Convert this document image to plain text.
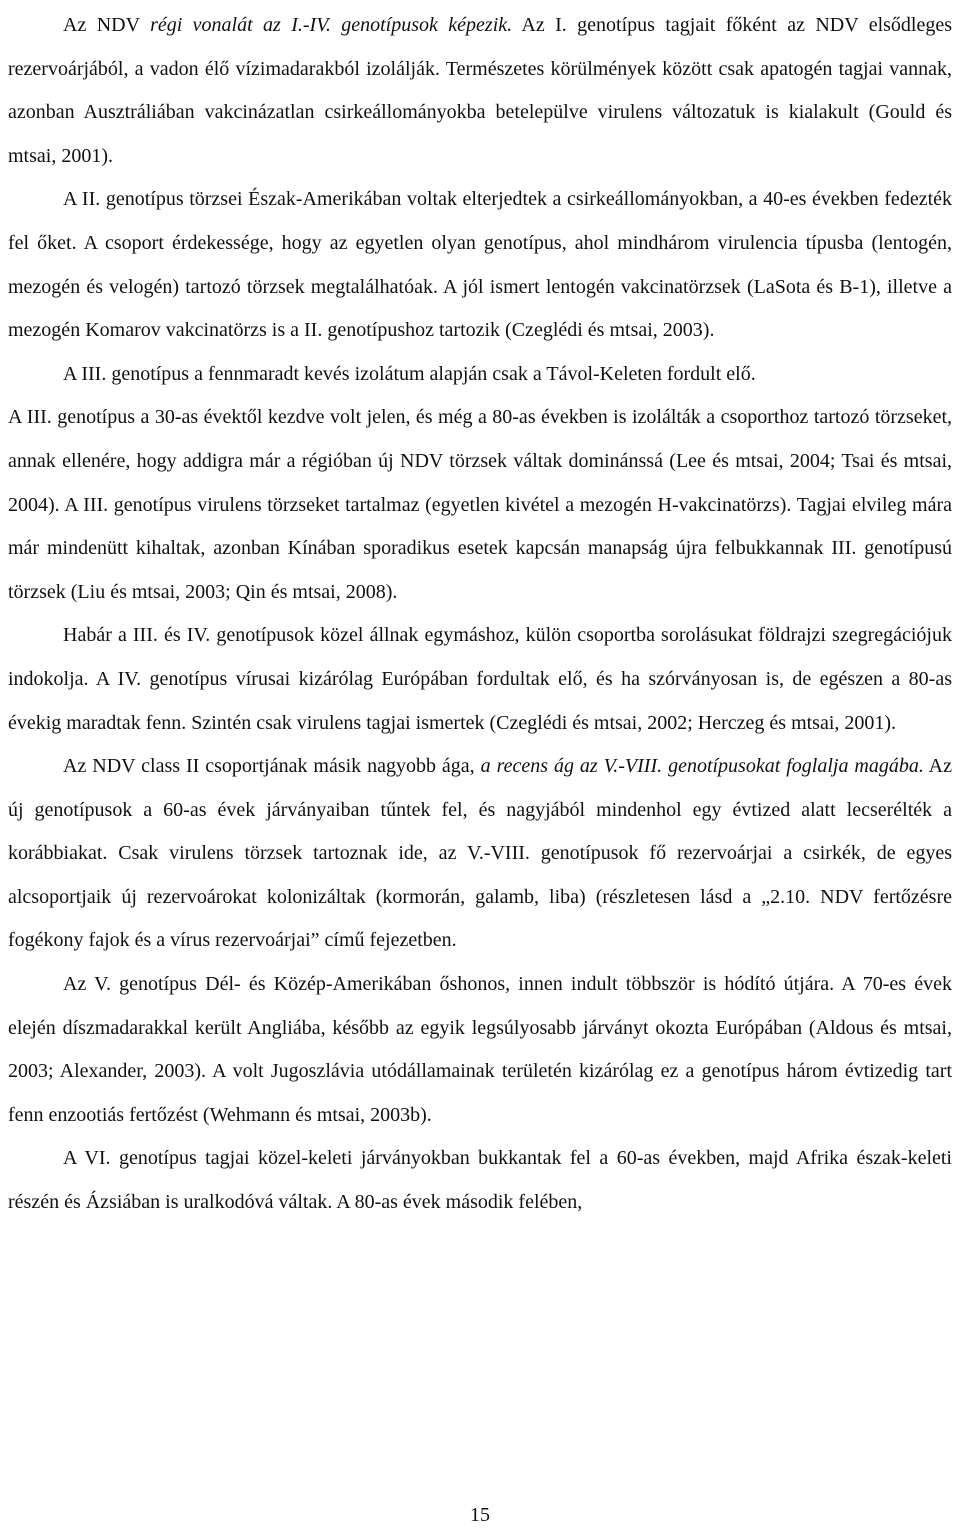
Az NDV régi vonalát az I.-IV. genotípusok képezik. Az I. genotípus tagjait főként az NDV elsődleges rezervoárjából, a vadon élő vízimadarakból izolálják. Természetes körülmények között csak apatogén tagjai vannak, azonban Ausztráliában vakcinázatlan csirkeállományokba betelepülve virulens változatuk is kialakult (Gould és mtsai, 2001).

A II. genotípus törzsei Észak-Amerikában voltak elterjedtek a csirkeállományokban, a 40-es években fedezték fel őket. A csoport érdekessége, hogy az egyetlen olyan genotípus, ahol mindhárom virulencia típusba (lentogén, mezogén és velogén) tartozó törzsek megtalálhatóak. A jól ismert lentogén vakcinatörzsek (LaSota és B-1), illetve a mezogén Komarov vakcinatörzs is a II. genotípushoz tartozik (Czeglédi és mtsai, 2003).

A III. genotípus a fennmaradt kevés izolátum alapján csak a Távol-Keleten fordult elő.

A III. genotípus a 30-as évektől kezdve volt jelen, és még a 80-as években is izolálták a csoporthoz tartozó törzseket, annak ellenére, hogy addigra már a régióban új NDV törzsek váltak dominánssá (Lee és mtsai, 2004; Tsai és mtsai, 2004). A III. genotípus virulens törzseket tartalmaz (egyetlen kivétel a mezogén H-vakcinatörzs). Tagjai elvileg mára már mindenütt kihaltak, azonban Kínában sporadikus esetek kapcsán manapság újra felbukkannak III. genotípusú törzsek (Liu és mtsai, 2003; Qin és mtsai, 2008).

Habár a III. és IV. genotípusok közel állnak egymáshoz, külön csoportba sorolásukat földrajzi szegregációjuk indokolja. A IV. genotípus vírusai kizárólag Európában fordultak elő, és ha szórványosan is, de egészen a 80-as évekig maradtak fenn. Szintén csak virulens tagjai ismertek (Czeglédi és mtsai, 2002; Herczeg és mtsai, 2001).

Az NDV class II csoportjának másik nagyobb ága, a recens ág az V.-VIII. genotípusokat foglalja magába. Az új genotípusok a 60-as évek járványaiban tűntek fel, és nagyjából mindenhol egy évtized alatt lecserélték a korábbiakat. Csak virulens törzsek tartoznak ide, az V.-VIII. genotípusok fő rezervoárjai a csirkék, de egyes alcsoportjaik új rezervoárokat kolonizáltak (kormorán, galamb, liba) (részletesen lásd a „2.10. NDV fertőzésre fogékony fajok és a vírus rezervoárjai” című fejezetben.

Az V. genotípus Dél- és Közép-Amerikában őshonos, innen indult többször is hódító útjára. A 70-es évek elején díszmadarakkal került Angliába, később az egyik legsúlyosabb járványt okozta Európában (Aldous és mtsai, 2003; Alexander, 2003). A volt Jugoszlávia utódállamainak területén kizárólag ez a genotípus három évtizedig tart fenn enzootiás fertőzést (Wehmann és mtsai, 2003b).

A VI. genotípus tagjai közel-keleti járványokban bukkantak fel a 60-as években, majd Afrika észak-keleti részén és Ázsiában is uralkodóvá váltak. A 80-as évek második felében,

15
